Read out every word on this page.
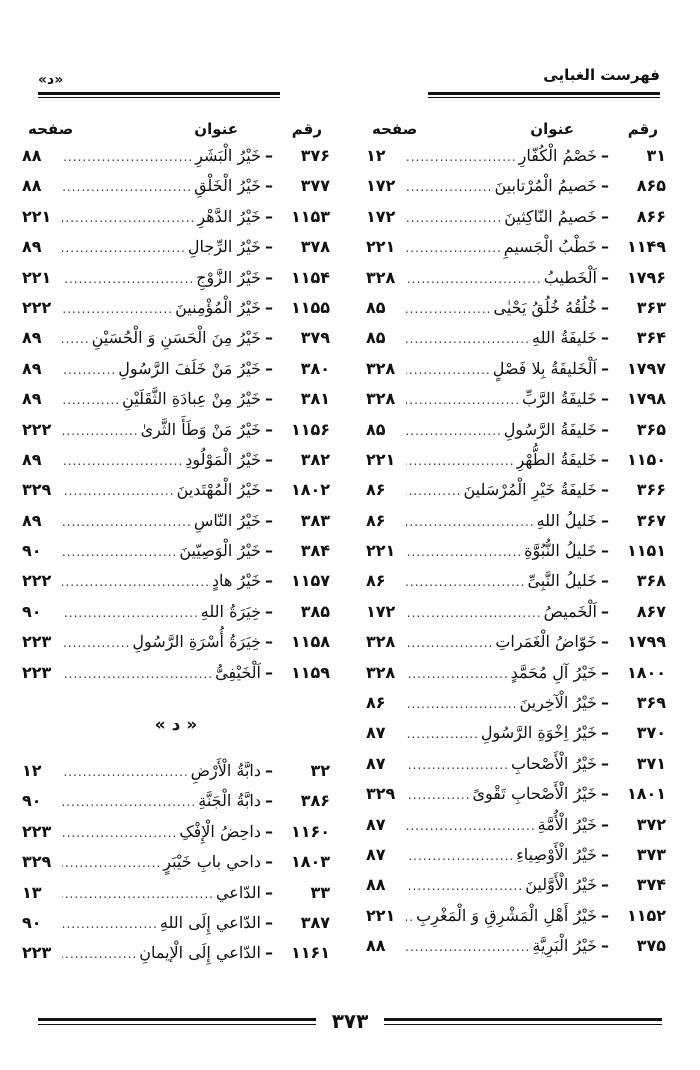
فهرست الغبایی
«د»
رقم
عنوان
صفحه
۳۱
–
خَصْمُ الْکُفّارِ
.....
۱۲
۸۶۵
–
خَصیمُ الْمُرْتابینَ
.....
۱۷۲
۸۶۶
–
خَصیمُ النّاکِثینَ
.....
۱۷۲
۱۱۴۹
–
خَطْبُ الْجَسیمِ
.....
۲۲۱
۱۷۹۶
–
اَلْخَطیبُ
.....
۳۲۸
۳۶۳
–
خُلُقُهُ خُلُقُ یَحْیٰی
.....
۸۵
۳۶۴
–
خَلیفَةُ اللهِ
.....
۸۵
۱۷۹۷
–
اَلْخَلیفَةُ بِلا فَصْلٍ
.....
۳۲۸
۱۷۹۸
–
خَلیفَةُ الرَّبِّ
.....
۳۲۸
۳۶۵
–
خَلیفَةُ الرَّسُولِ
.....
۸۵
۱۱۵۰
–
خَلیفَةُ الطُّهْرِ
.....
۲۲۱
۳۶۶
–
خَلیفَةُ خَیْرِ الْمُرْسَلینَ
.....
۸۶
۳۶۷
–
خَلیلُ اللهِ
.....
۸۶
۱۱۵۱
–
خَلیلُ النُّبُوَّةِ
.....
۲۲۱
۳۶۸
–
خَلیلُ النَّبِیِّ
.....
۸۶
۸۶۷
–
اَلْخَمیصُ
.....
۱۷۲
۱۷۹۹
–
خَوّاضُ الْغَمَراتِ
.....
۳۲۸
۱۸۰۰
–
خَیْرُ آلِ مُحَمَّدٍ
.....
۳۲۸
۳۶۹
–
خَیْرُ الْآخِرینَ
.....
۸۶
۳۷۰
–
خَیْرُ اِخْوَةِ الرَّسُولِ
.....
۸۷
۳۷۱
–
خَیْرُ الْأَصْحابِ
.....
۸۷
۱۸۰۱
–
خَیْرُ الْأَصْحابِ تَقْوىً
.....
۳۲۹
۳۷۲
–
خَیْرُ الْأُمَّةِ
.....
۸۷
۳۷۳
–
خَیْرُ الْأَوْصِیاءِ
.....
۸۷
۳۷۴
–
خَیْرُ الْأَوَّلینَ
.....
۸۸
۱۱۵۲
–
خَیْرُ أَهْلِ الْمَشْرِقِ وَ الْمَغْرِبِ
.....
۲۲۱
۳۷۵
–
خَیْرُ الْبَرِیَّةِ
.....
۸۸
رقم
عنوان
صفحه
۳۷۶
–
خَیْرُ الْبَشَرِ
.....
۸۸
۳۷۷
–
خَیْرُ الْخَلْقِ
.....
۸۸
۱۱۵۳
–
خَیْرُ الدَّهْرِ
.....
۲۲۱
۳۷۸
–
خَیْرُ الرِّجالِ
.....
۸۹
۱۱۵۴
–
خَیْرُ الزَّوْجِ
.....
۲۲۱
۱۱۵۵
–
خَیْرُ الْمُؤْمِنینَ
.....
۲۲۲
۳۷۹
–
خَیْرُ مِنَ الْحَسَنِ وَ الْحُسَیْنِ
.....
۸۹
۳۸۰
–
خَیْرُ مَنْ خَلَفَ الرَّسُولِ
.....
۸۹
۳۸۱
–
خَیْرُ مِنْ عِبادَةِ الثَّقَلَیْنِ
.....
۸۹
۱۱۵۶
–
خَیْرُ مَنْ وَطَأَ الثَّرىٰ
.....
۲۲۲
۳۸۲
–
خَیْرُ الْمَوْلُودِ
.....
۸۹
۱۸۰۲
–
خَیْرُ الْمُهْتَدینَ
.....
۳۲۹
۳۸۳
–
خَیْرُ النّاسِ
.....
۸۹
۳۸۴
–
خَیْرُ الْوَصِیّینَ
.....
۹۰
۱۱۵۷
–
خَیْرُ هادٍ
.....
۲۲۲
۳۸۵
–
خِیَرَةُ اللهِ
.....
۹۰
۱۱۵۸
–
خِیَرَةُ أُسْرَةِ الرَّسُولِ
.....
۲۲۳
۱۱۵۹
–
اَلْخَیْفِیُّ
.....
۲۲۳
« د »
۳۲
–
دابَّةُ الْأَرْضِ
.....
۱۲
۳۸۶
–
دابَّةُ الْجَنَّةِ
.....
۹۰
۱۱۶۰
–
داحِضُ الْإِفْکِ
.....
۲۲۳
۱۸۰۳
–
داحي بابِ خَیْبَرٍ
.....
۳۲۹
۳۳
–
الدّاعي
.....
۱۳
۳۸۷
–
الدّاعي إِلَی اللهِ
.....
۹۰
۱۱۶۱
–
الدّاعي إِلَی الْإیمانِ
.....
۲۲۳
۳۷۳
